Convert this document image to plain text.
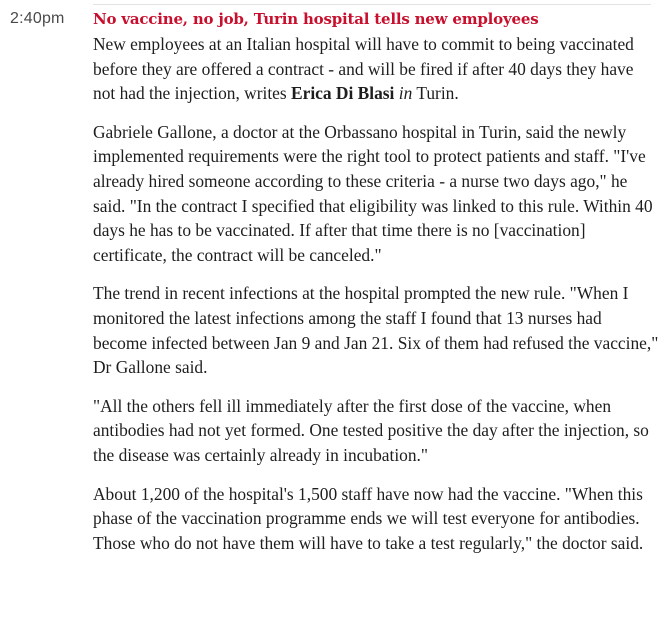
2:40pm No vaccine, no job, Turin hospital tells new employees

New employees at an Italian hospital will have to commit to being vaccinated before they are offered a contract - and will be fired if after 40 days they have not had the injection, writes Erica Di Blasi in Turin.

Gabriele Gallone, a doctor at the Orbassano hospital in Turin, said the newly implemented requirements were the right tool to protect patients and staff. "I've already hired someone according to these criteria - a nurse two days ago," he said. "In the contract I specified that eligibility was linked to this rule. Within 40 days he has to be vaccinated. If after that time there is no [vaccination] certificate, the contract will be canceled."

The trend in recent infections at the hospital prompted the new rule. "When I monitored the latest infections among the staff I found that 13 nurses had become infected between Jan 9 and Jan 21. Six of them had refused the vaccine," Dr Gallone said.

"All the others fell ill immediately after the first dose of the vaccine, when antibodies had not yet formed. One tested positive the day after the injection, so the disease was certainly already in incubation."

About 1,200 of the hospital's 1,500 staff have now had the vaccine. "When this phase of the vaccination programme ends we will test everyone for antibodies. Those who do not have them will have to take a test regularly," the doctor said.
